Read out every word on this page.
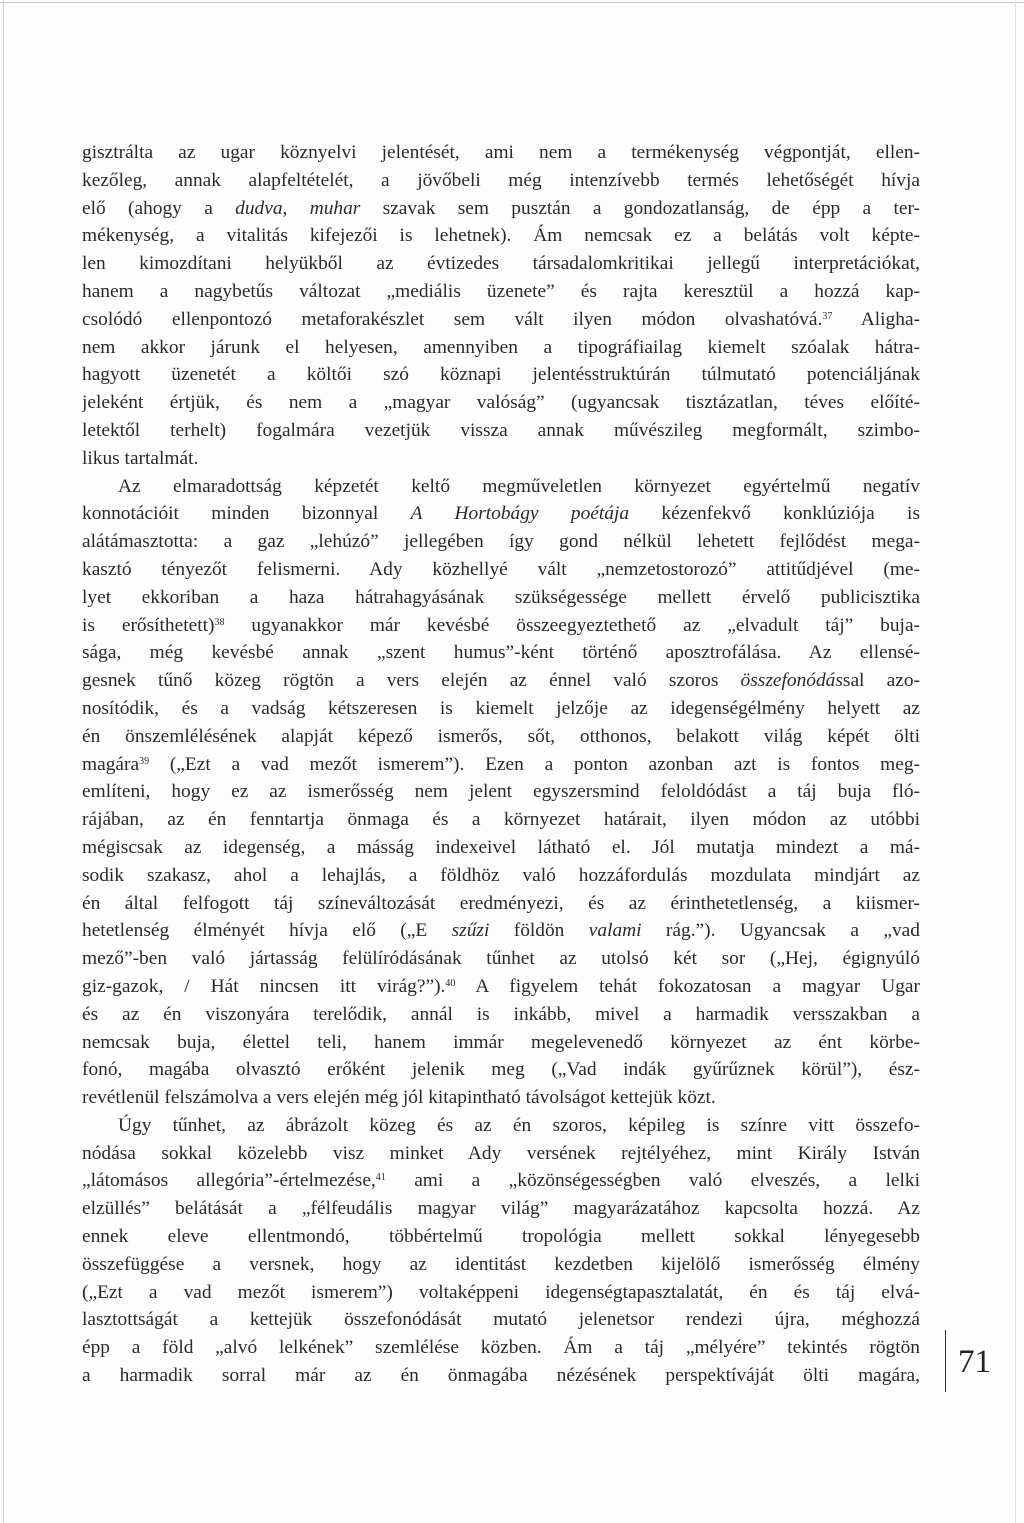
gisztrálta az ugar köznyelvi jelentését, ami nem a termékenység végpontját, ellen-
kezőleg, annak alapfeltételét, a jövőbeli még intenzívebb termés lehetőségét hívja
elő (ahogy a dudva, muhar szavak sem pusztán a gondozatlanság, de épp a ter-
mékenység, a vitalitás kifejezői is lehetnek). Ám nemcsak ez a belátás volt képte-
len kimozdítani helyükből az évtizedes társadalomkritikai jellegű interpretációkat,
hanem a nagybetűs változat „mediális üzenete” és rajta keresztül a hozzá kap-
csolódó ellenpontozó metaforakészlet sem vált ilyen módon olvashatóvá.$^{37}$ Aligha-
nem akkor járunk el helyesen, amennyiben a tipográfiailag kiemelt szóalak hátra-
hagyott üzenetét a költői szó köznapi jelentésstruktúrán túlmutató potenciáljának
jeleként értjük, és nem a „magyar valóság” (ugyancsak tisztázatlan, téves előíté-
letektől terhelt) fogalmára vezetjük vissza annak művészileg megformált, szimbo-
likus tartalmát.
Az elmaradottság képzetét keltő megműveletlen környezet egyértelmű negatív
konnotációit minden bizonnyal A Hortobágy poétája kézenfekvő konklúziója is
alátámasztotta: a gaz „lehúzó” jellegében így gond nélkül lehetett fejlődést mega-
kasztó tényezőt felismerni. Ady közhellyé vált „nemzetostorozó” attitűdjével (me-
lyet ekkoriban a haza hátrahagyásának szükségessége mellett érvelő publicisztika
is erősíthetett)$^{38}$ ugyanakkor már kevésbé összeegyeztethető az „elvadult táj” buja-
sága, még kevésbé annak „szent humus”-ként történő aposztrofálása. Az ellensé-
gesnek tűnő közeg rögtön a vers elején az énnel való szoros összefonódással azo-
nosítódik, és a vadság kétszeresen is kiemelt jelzője az idegenségélmény helyett az
én önszemlélésének alapját képező ismerős, sőt, otthonos, belakott világ képét ölti
magára$^{39}$ („Ezt a vad mezőt ismerem”). Ezen a ponton azonban azt is fontos meg-
említeni, hogy ez az ismerősség nem jelent egyszersmind feloldódást a táj buja fló-
rájában, az én fenntartja önmaga és a környezet határait, ilyen módon az utóbbi
mégiscsak az idegenség, a másság indexeivel látható el. Jól mutatja mindezt a má-
sodik szakasz, ahol a lehajlás, a földhöz való hozzáfordulás mozdulata mindjárt az
én által felfogott táj színeváltozását eredményezi, és az érinthetetlenség, a kiismer-
hetetlenség élményét hívja elő („E szűzi földön valami rág.”). Ugyancsak a „vad
mező”-ben való jártasság felülíródásának tűnhet az utolsó két sor („Hej, égignyúló
giz-gazok, / Hát nincsen itt virág?”).$^{40}$ A figyelem tehát fokozatosan a magyar Ugar
és az én viszonyára terelődik, annál is inkább, mivel a harmadik versszakban a
nemcsak buja, élettel teli, hanem immár megelevenedő környezet az ént körbe-
fonó, magába olvasztó erőként jelenik meg („Vad indák gyűrűznek körül”), ész-
revétlenül felszámolva a vers elején még jól kitapintható távolságot kettejük közt.
Úgy tűnhet, az ábrázolt közeg és az én szoros, képileg is színre vitt összefo-
nódása sokkal közelebb visz minket Ady versének rejtélyéhez, mint Király István
„látomásos allegória”-értelmezése,$^{41}$ ami a „közönségességben való elveszés, a lelki
elzüllés” belátását a „félfeudális magyar világ” magyarázatához kapcsolta hozzá. Az
ennek eleve ellentmondó, többértelmű tropológia mellett sokkal lényegesebb
összefüggése a versnek, hogy az identitást kezdetben kijelölő ismerősség élmény
(„Ezt a vad mezőt ismerem”) voltaképpeni idegenségtapasztalatát, én és táj elvá-
lasztottságát a kettejük összefonódását mutató jelenetsor rendezi újra, méghozzá
épp a föld „alvó lelkének” szemlélése közben. Ám a táj „mélyére” tekintés rögtön
a harmadik sorral már az én önmagába nézésének perspektíváját ölti magára, 71
